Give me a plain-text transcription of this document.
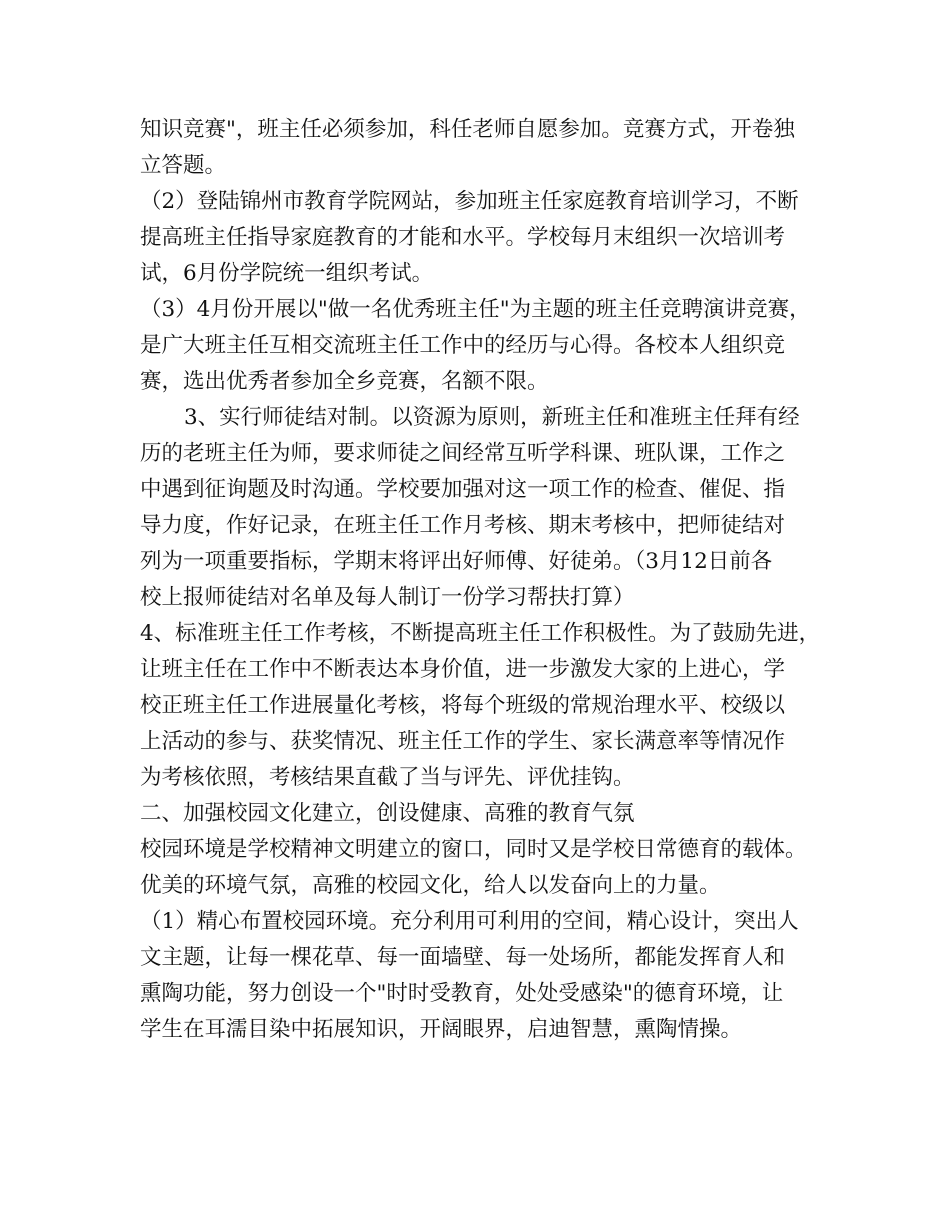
知识竞赛"，班主任必须参加，科任老师自愿参加。竞赛方式，开卷独
立答题。
（2）登陆锦州市教育学院网站，参加班主任家庭教育培训学习，不断
提高班主任指导家庭教育的才能和水平。学校每月末组织一次培训考
试，6月份学院统一组织考试。
（3）4月份开展以"做一名优秀班主任"为主题的班主任竞聘演讲竞赛，
是广大班主任互相交流班主任工作中的经历与心得。各校本人组织竞
赛，选出优秀者参加全乡竞赛，名额不限。
3、实行师徒结对制。以资源为原则，新班主任和准班主任拜有经
历的老班主任为师，要求师徒之间经常互听学科课、班队课，工作之
中遇到征询题及时沟通。学校要加强对这一项工作的检查、催促、指
导力度，作好记录，在班主任工作月考核、期末考核中，把师徒结对
列为一项重要指标，学期末将评出好师傅、好徒弟。（3月12日前各
校上报师徒结对名单及每人制订一份学习帮扶打算）
4、标准班主任工作考核，不断提高班主任工作积极性。为了鼓励先进，
让班主任在工作中不断表达本身价值，进一步激发大家的上进心，学
校正班主任工作进展量化考核，将每个班级的常规治理水平、校级以
上活动的参与、获奖情况、班主任工作的学生、家长满意率等情况作
为考核依照，考核结果直截了当与评先、评优挂钩。
二、加强校园文化建立，创设健康、高雅的教育气氛
校园环境是学校精神文明建立的窗口，同时又是学校日常德育的载体。
优美的环境气氛，高雅的校园文化，给人以发奋向上的力量。
（1）精心布置校园环境。充分利用可利用的空间，精心设计，突出人
文主题，让每一棵花草、每一面墙壁、每一处场所，都能发挥育人和
熏陶功能，努力创设一个"时时受教育，处处受感染"的德育环境，让
学生在耳濡目染中拓展知识，开阔眼界，启迪智慧，熏陶情操。
